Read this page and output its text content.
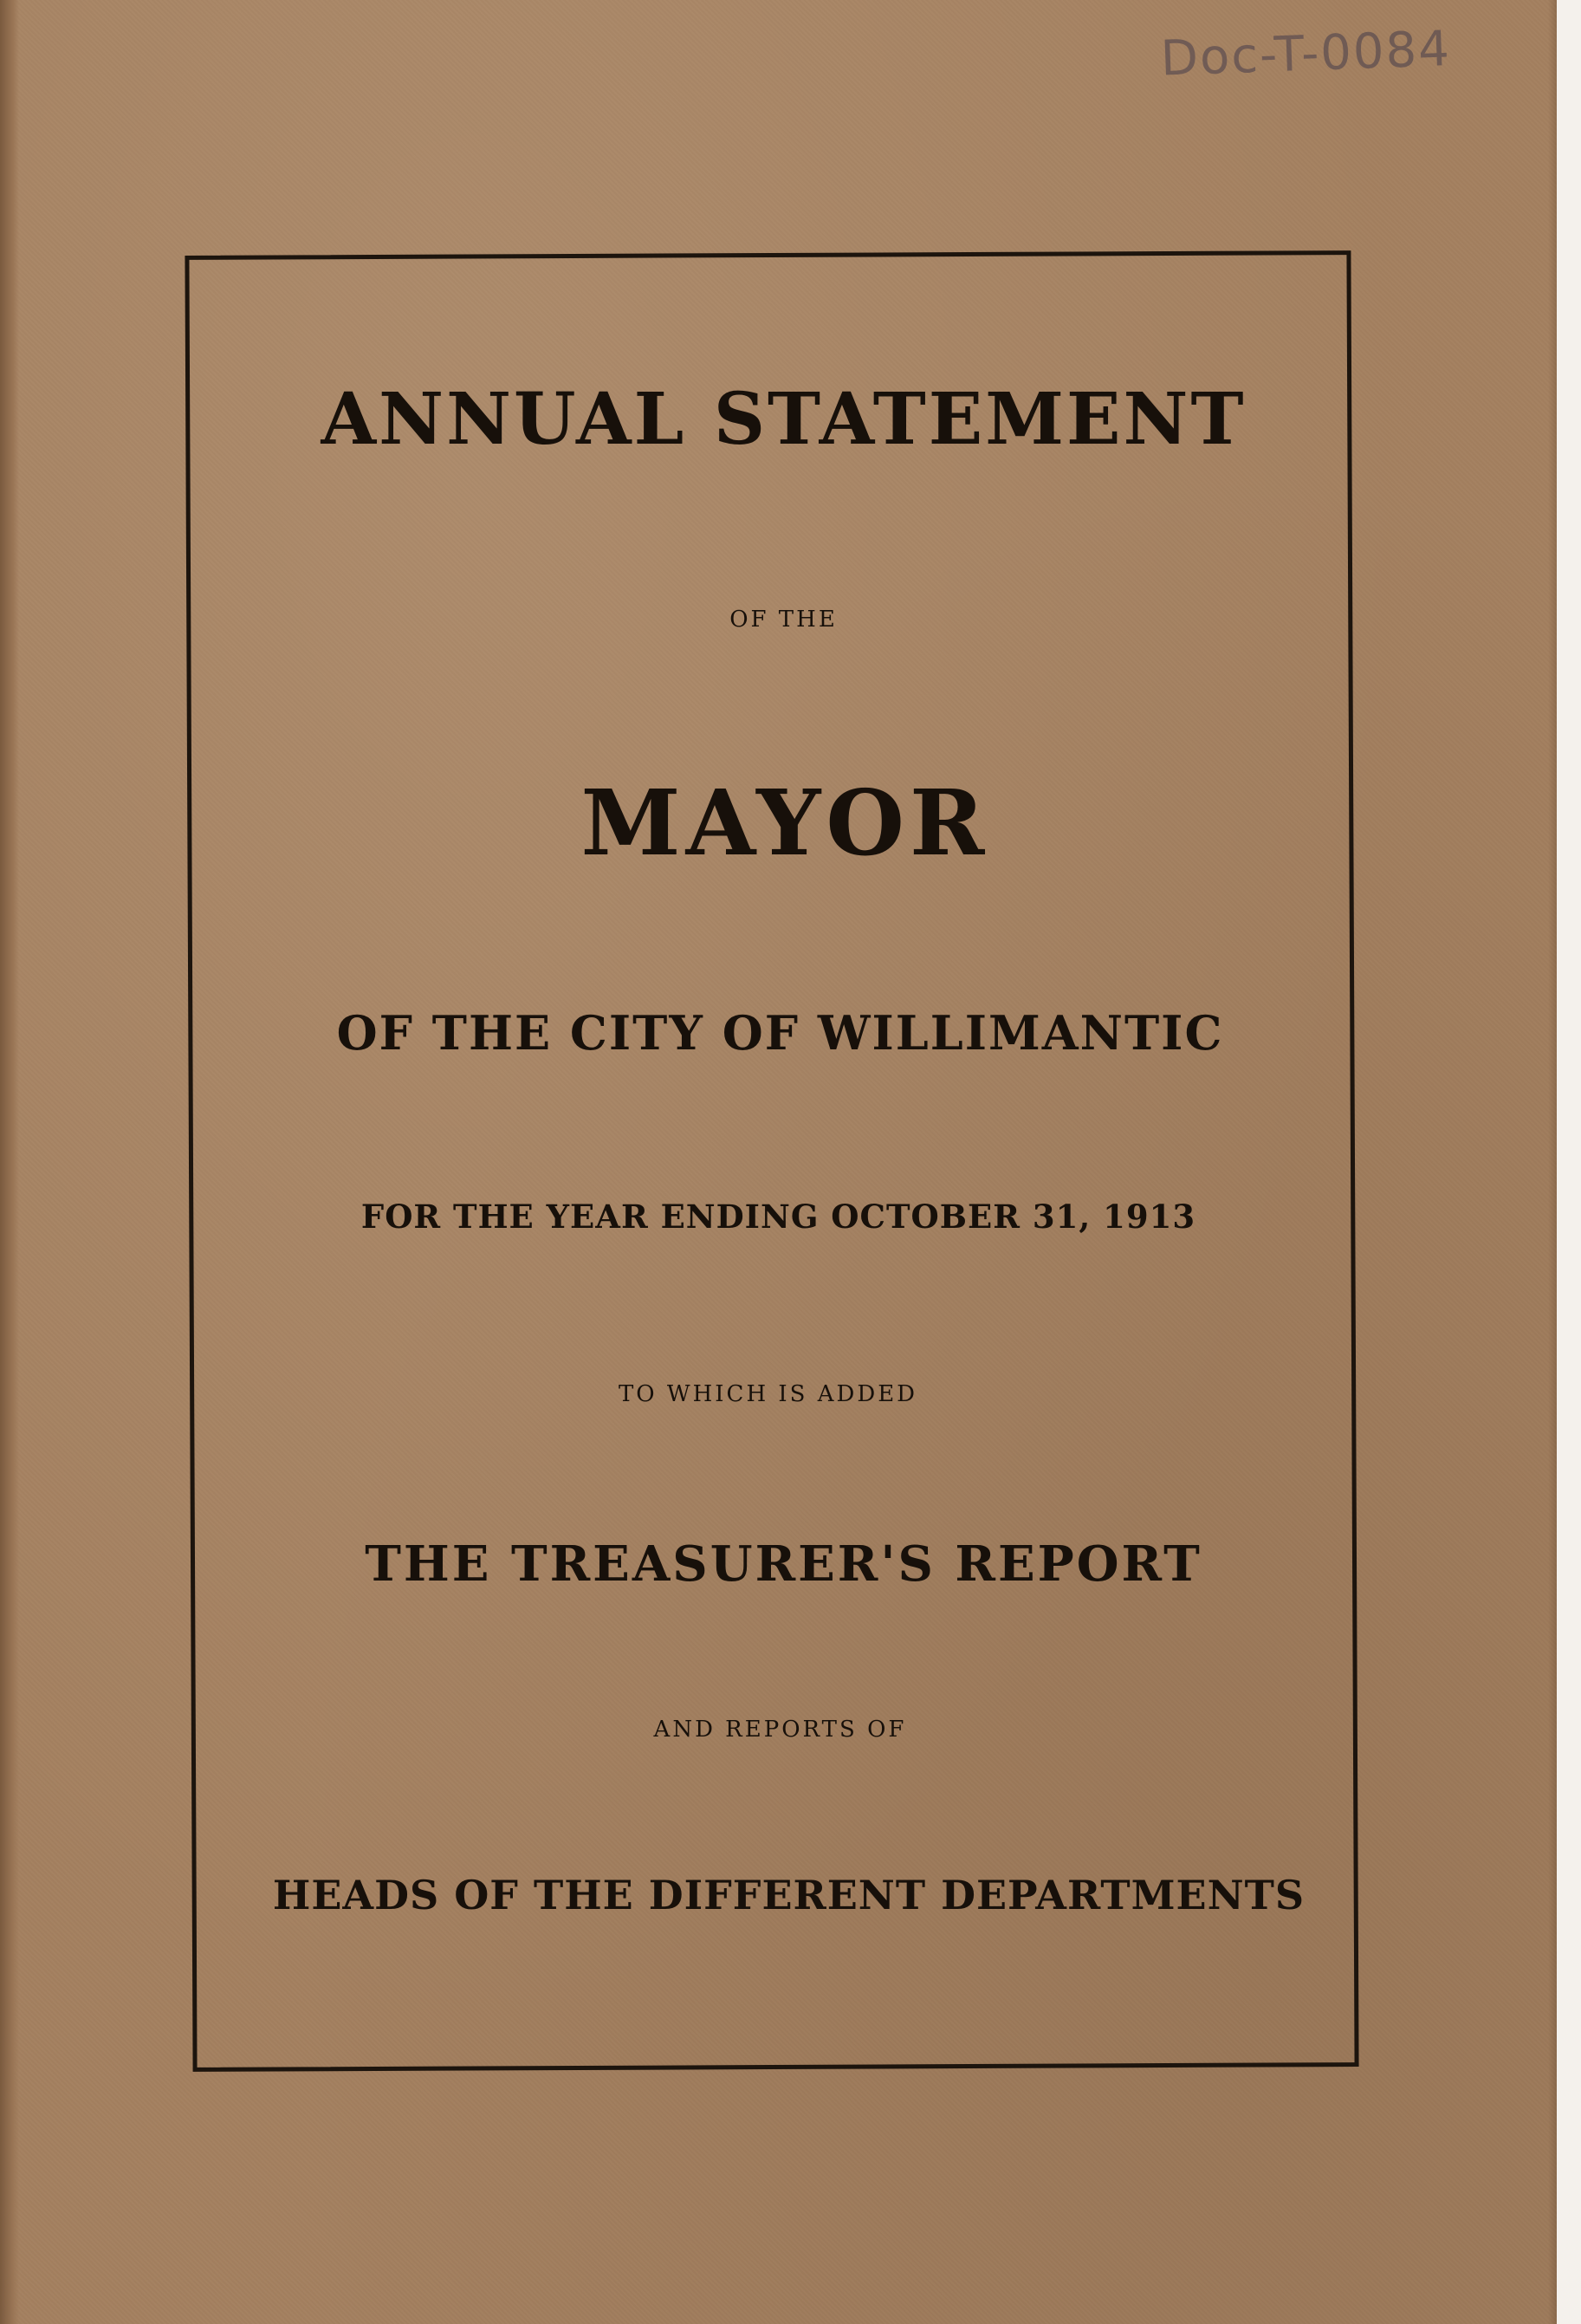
Doc-T-0084
ANNUAL STATEMENT
OF THE
MAYOR
OF THE CITY OF WILLIMANTIC
FOR THE YEAR ENDING OCTOBER 31, 1913
TO WHICH IS ADDED
THE TREASURER'S REPORT
AND REPORTS OF
HEADS OF THE DIFFERENT DEPARTMENTS
